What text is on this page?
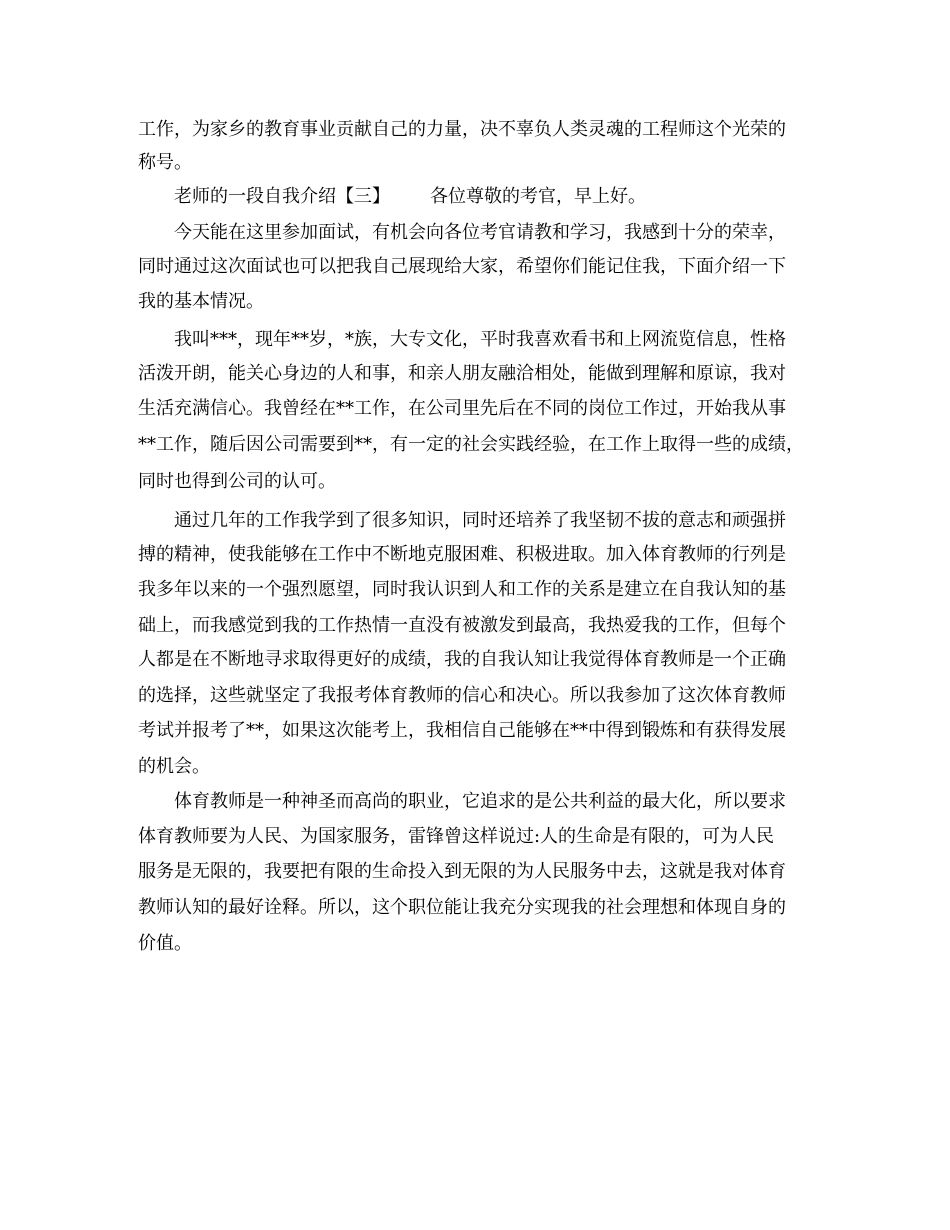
工作，为家乡的教育事业贡献自己的力量，决不辜负人类灵魂的工程师这个光荣的
称号。
老师的一段自我介绍【三】       各位尊敬的考官，早上好。
今天能在这里参加面试，有机会向各位考官请教和学习，我感到十分的荣幸，
同时通过这次面试也可以把我自己展现给大家，希望你们能记住我，下面介绍一下
我的基本情况。
我叫***，现年**岁，*族，大专文化，平时我喜欢看书和上网流览信息，性格
活泼开朗，能关心身边的人和事，和亲人朋友融洽相处，能做到理解和原谅，我对
生活充满信心。我曾经在**工作，在公司里先后在不同的岗位工作过，开始我从事
**工作，随后因公司需要到**，有一定的社会实践经验，在工作上取得一些的成绩，
同时也得到公司的认可。
通过几年的工作我学到了很多知识，同时还培养了我坚韧不拔的意志和顽强拼
搏的精神，使我能够在工作中不断地克服困难、积极进取。加入体育教师的行列是
我多年以来的一个强烈愿望，同时我认识到人和工作的关系是建立在自我认知的基
础上，而我感觉到我的工作热情一直没有被激发到最高，我热爱我的工作，但每个
人都是在不断地寻求取得更好的成绩，我的自我认知让我觉得体育教师是一个正确
的选择，这些就坚定了我报考体育教师的信心和决心。所以我参加了这次体育教师
考试并报考了**，如果这次能考上，我相信自己能够在**中得到锻炼和有获得发展
的机会。
体育教师是一种神圣而高尚的职业，它追求的是公共利益的最大化，所以要求
体育教师要为人民、为国家服务，雷锋曾这样说过:人的生命是有限的，可为人民
服务是无限的，我要把有限的生命投入到无限的为人民服务中去，这就是我对体育
教师认知的最好诠释。所以，这个职位能让我充分实现我的社会理想和体现自身的
价值。
